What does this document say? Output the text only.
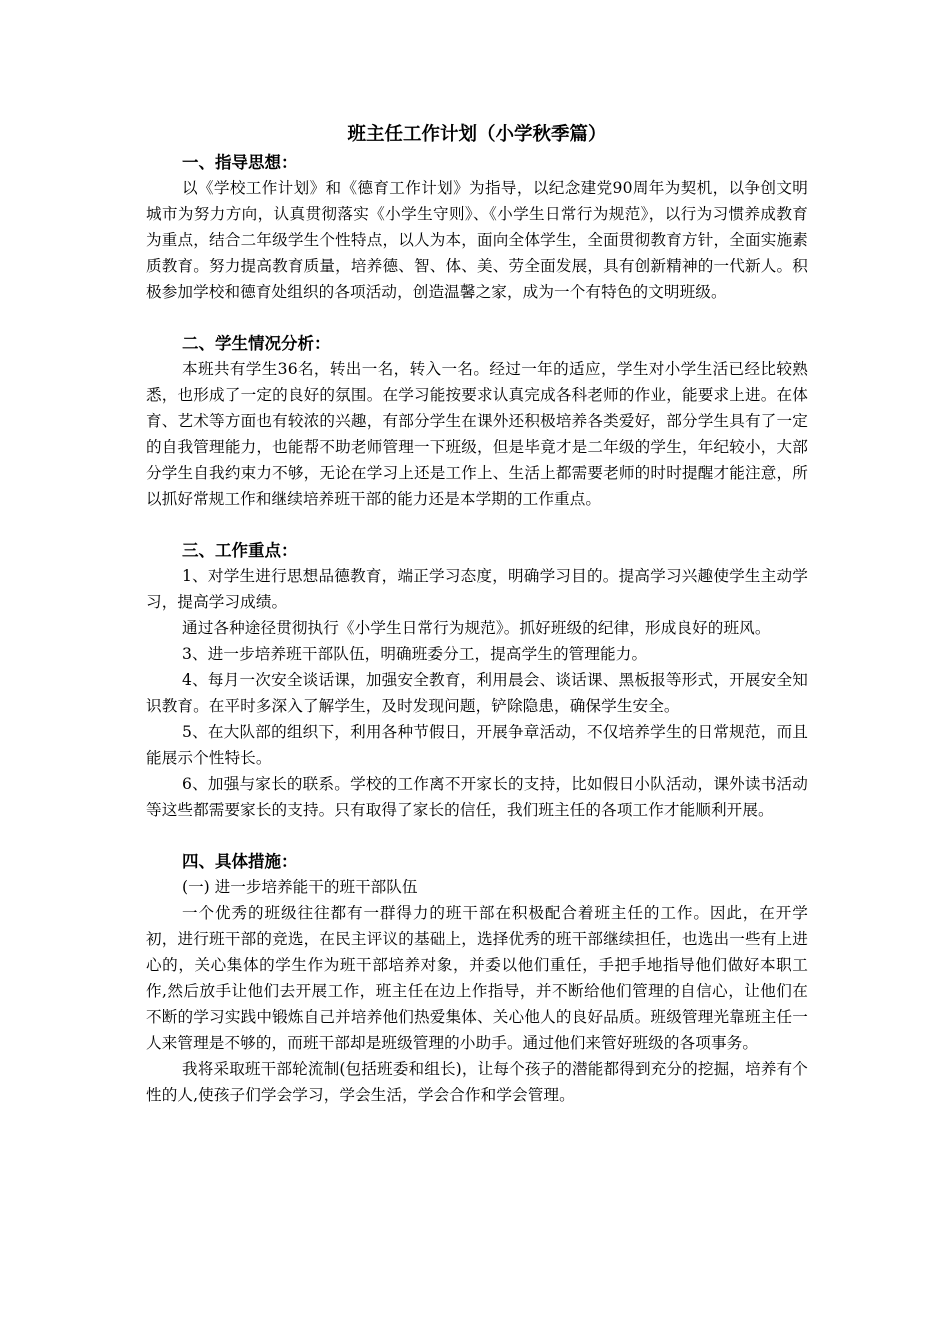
班主任工作计划（小学秋季篇）
一、指导思想：

以《学校工作计划》和《德育工作计划》为指导，以纪念建党90周年为契机，以争创文明城市为努力方向，认真贯彻落实《小学生守则》、《小学生日常行为规范》，以行为习惯养成教育为重点，结合二年级学生个性特点，以人为本，面向全体学生，全面贯彻教育方针，全面实施素质教育。努力提高教育质量，培养德、智、体、美、劳全面发展，具有创新精神的一代新人。积极参加学校和德育处组织的各项活动，创造温馨之家，成为一个有特色的文明班级。

二、学生情况分析：

本班共有学生36名，转出一名，转入一名。经过一年的适应，学生对小学生活已经比较熟悉，也形成了一定的良好的氛围。在学习能按要求认真完成各科老师的作业，能要求上进。在体育、艺术等方面也有较浓的兴趣，有部分学生在课外还积极培养各类爱好，部分学生具有了一定的自我管理能力，也能帮不助老师管理一下班级，但是毕竟才是二年级的学生，年纪较小，大部分学生自我约束力不够，无论在学习上还是工作上、生活上都需要老师的时时提醒才能注意，所以抓好常规工作和继续培养班干部的能力还是本学期的工作重点。

三、工作重点：

1、对学生进行思想品德教育，端正学习态度，明确学习目的。提高学习兴趣使学生主动学习，提高学习成绩。

通过各种途径贯彻执行《小学生日常行为规范》。抓好班级的纪律，形成良好的班风。

3、进一步培养班干部队伍，明确班委分工，提高学生的管理能力。

4、每月一次安全谈话课，加强安全教育，利用晨会、谈话课、黑板报等形式，开展安全知识教育。在平时多深入了解学生，及时发现问题，铲除隐患，确保学生安全。

5、在大队部的组织下，利用各种节假日，开展争章活动，不仅培养学生的日常规范，而且能展示个性特长。

6、加强与家长的联系。学校的工作离不开家长的支持，比如假日小队活动，课外读书活动等这些都需要家长的支持。只有取得了家长的信任，我们班主任的各项工作才能顺利开展。

四、具体措施：

(一) 进一步培养能干的班干部队伍

一个优秀的班级往往都有一群得力的班干部在积极配合着班主任的工作。因此，在开学初，进行班干部的竞选，在民主评议的基础上，选择优秀的班干部继续担任，也选出一些有上进心的，关心集体的学生作为班干部培养对象，并委以他们重任，手把手地指导他们做好本职工作,然后放手让他们去开展工作，班主任在边上作指导，并不断给他们管理的自信心，让他们在不断的学习实践中锻炼自己并培养他们热爱集体、关心他人的良好品质。班级管理光靠班主任一人来管理是不够的，而班干部却是班级管理的小助手。通过他们来管好班级的各项事务。

我将采取班干部轮流制(包括班委和组长)，让每个孩子的潜能都得到充分的挖掘，培养有个性的人,使孩子们学会学习，学会生活，学会合作和学会管理。
